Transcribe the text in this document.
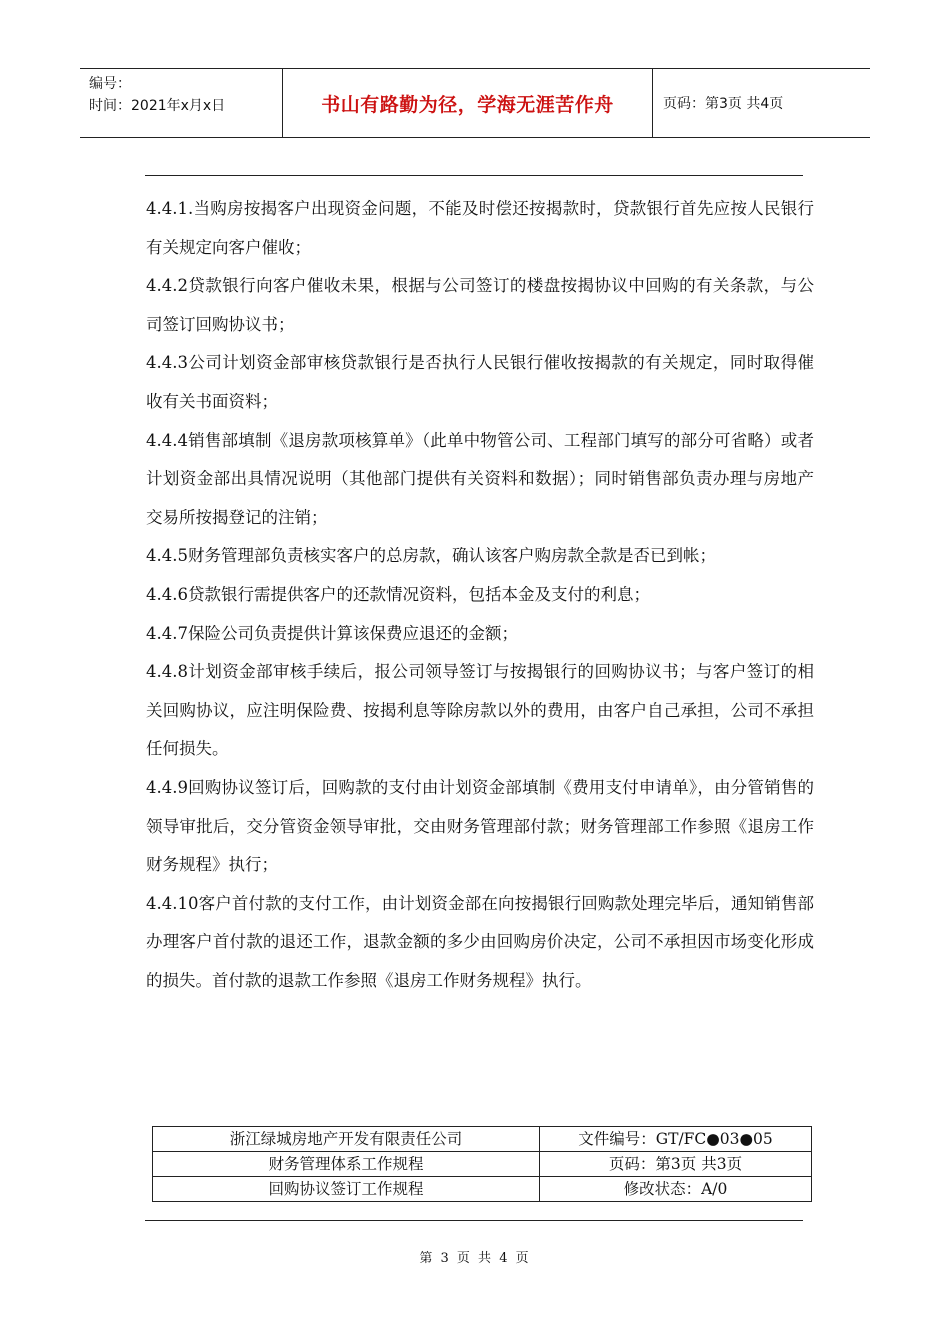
编号：
时间：2021年x月x日	书山有路勤为径，学海无涯苦作舟	页码：第3页 共4页

4.4.1.当购房按揭客户出现资金问题，不能及时偿还按揭款时，贷款银行首先应按人民银行有关规定向客户催收；

4.4.2贷款银行向客户催收未果，根据与公司签订的楼盘按揭协议中回购的有关条款，与公司签订回购协议书；

4.4.3公司计划资金部审核贷款银行是否执行人民银行催收按揭款的有关规定，同时取得催收有关书面资料；

4.4.4销售部填制《退房款项核算单》（此单中物管公司、工程部门填写的部分可省略）或者计划资金部出具情况说明（其他部门提供有关资料和数据）；同时销售部负责办理与房地产交易所按揭登记的注销；

4.4.5财务管理部负责核实客户的总房款，确认该客户购房款全款是否已到帐；

4.4.6贷款银行需提供客户的还款情况资料，包括本金及支付的利息；

4.4.7保险公司负责提供计算该保费应退还的金额；

4.4.8计划资金部审核手续后，报公司领导签订与按揭银行的回购协议书；与客户签订的相关回购协议，应注明保险费、按揭利息等除房款以外的费用，由客户自己承担，公司不承担任何损失。

4.4.9回购协议签订后，回购款的支付由计划资金部填制《费用支付申请单》，由分管销售的领导审批后，交分管资金领导审批，交由财务管理部付款；财务管理部工作参照《退房工作财务规程》执行；

4.4.10客户首付款的支付工作，由计划资金部在向按揭银行回购款处理完毕后，通知销售部办理客户首付款的退还工作，退款金额的多少由回购房价决定，公司不承担因市场变化形成的损失。首付款的退款工作参照《退房工作财务规程》执行。

浙江绿城房地产开发有限责任公司	文件编号：GT/FC●03●05
财务管理体系工作规程	页码：第3页 共3页
回购协议签订工作规程	修改状态：A/0
第 3 页 共 4 页
